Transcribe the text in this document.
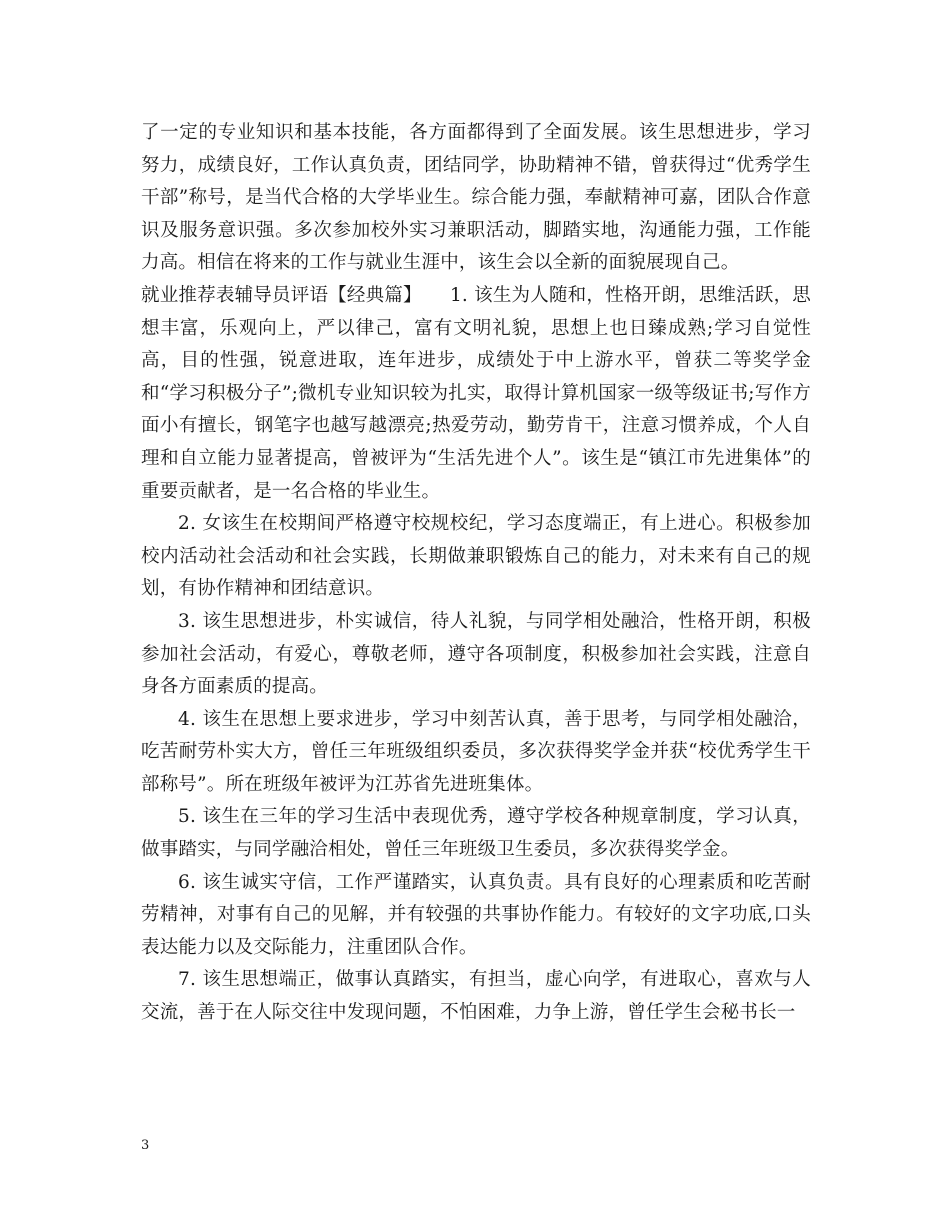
了一定的专业知识和基本技能，各方面都得到了全面发展。该生思想进步，学习努力，成绩良好，工作认真负责，团结同学，协助精神不错，曾获得过“优秀学生干部”称号，是当代合格的大学毕业生。综合能力强，奉献精神可嘉，团队合作意识及服务意识强。多次参加校外实习兼职活动，脚踏实地，沟通能力强，工作能力高。相信在将来的工作与就业生涯中，该生会以全新的面貌展现自己。

就业推荐表辅导员评语【经典篇】　　1. 该生为人随和，性格开朗，思维活跃，思想丰富，乐观向上，严以律己，富有文明礼貌，思想上也日臻成熟;学习自觉性高，目的性强，锐意进取，连年进步，成绩处于中上游水平，曾获二等奖学金和“学习积极分子”;微机专业知识较为扎实，取得计算机国家一级等级证书;写作方面小有擅长，钢笔字也越写越漂亮;热爱劳动，勤劳肯干，注意习惯养成，个人自理和自立能力显著提高，曾被评为“生活先进个人”。该生是“镇江市先进集体”的重要贡献者，是一名合格的毕业生。

2. 女该生在校期间严格遵守校规校纪，学习态度端正，有上进心。积极参加校内活动社会活动和社会实践，长期做兼职锻炼自己的能力，对未来有自己的规划，有协作精神和团结意识。

3. 该生思想进步，朴实诚信，待人礼貌，与同学相处融洽，性格开朗，积极参加社会活动，有爱心，尊敬老师，遵守各项制度，积极参加社会实践，注意自身各方面素质的提高。

4. 该生在思想上要求进步，学习中刻苦认真，善于思考，与同学相处融洽，吃苦耐劳朴实大方，曾任三年班级组织委员，多次获得奖学金并获“校优秀学生干部称号”。所在班级年被评为江苏省先进班集体。

5. 该生在三年的学习生活中表现优秀，遵守学校各种规章制度，学习认真，做事踏实，与同学融洽相处，曾任三年班级卫生委员，多次获得奖学金。

6. 该生诚实守信，工作严谨踏实，认真负责。具有良好的心理素质和吃苦耐劳精神，对事有自己的见解，并有较强的共事协作能力。有较好的文字功底,口头表达能力以及交际能力，注重团队合作。

7. 该生思想端正，做事认真踏实，有担当，虚心向学，有进取心，喜欢与人交流，善于在人际交往中发现问题，不怕困难，力争上游，曾任学生会秘书长一

3
